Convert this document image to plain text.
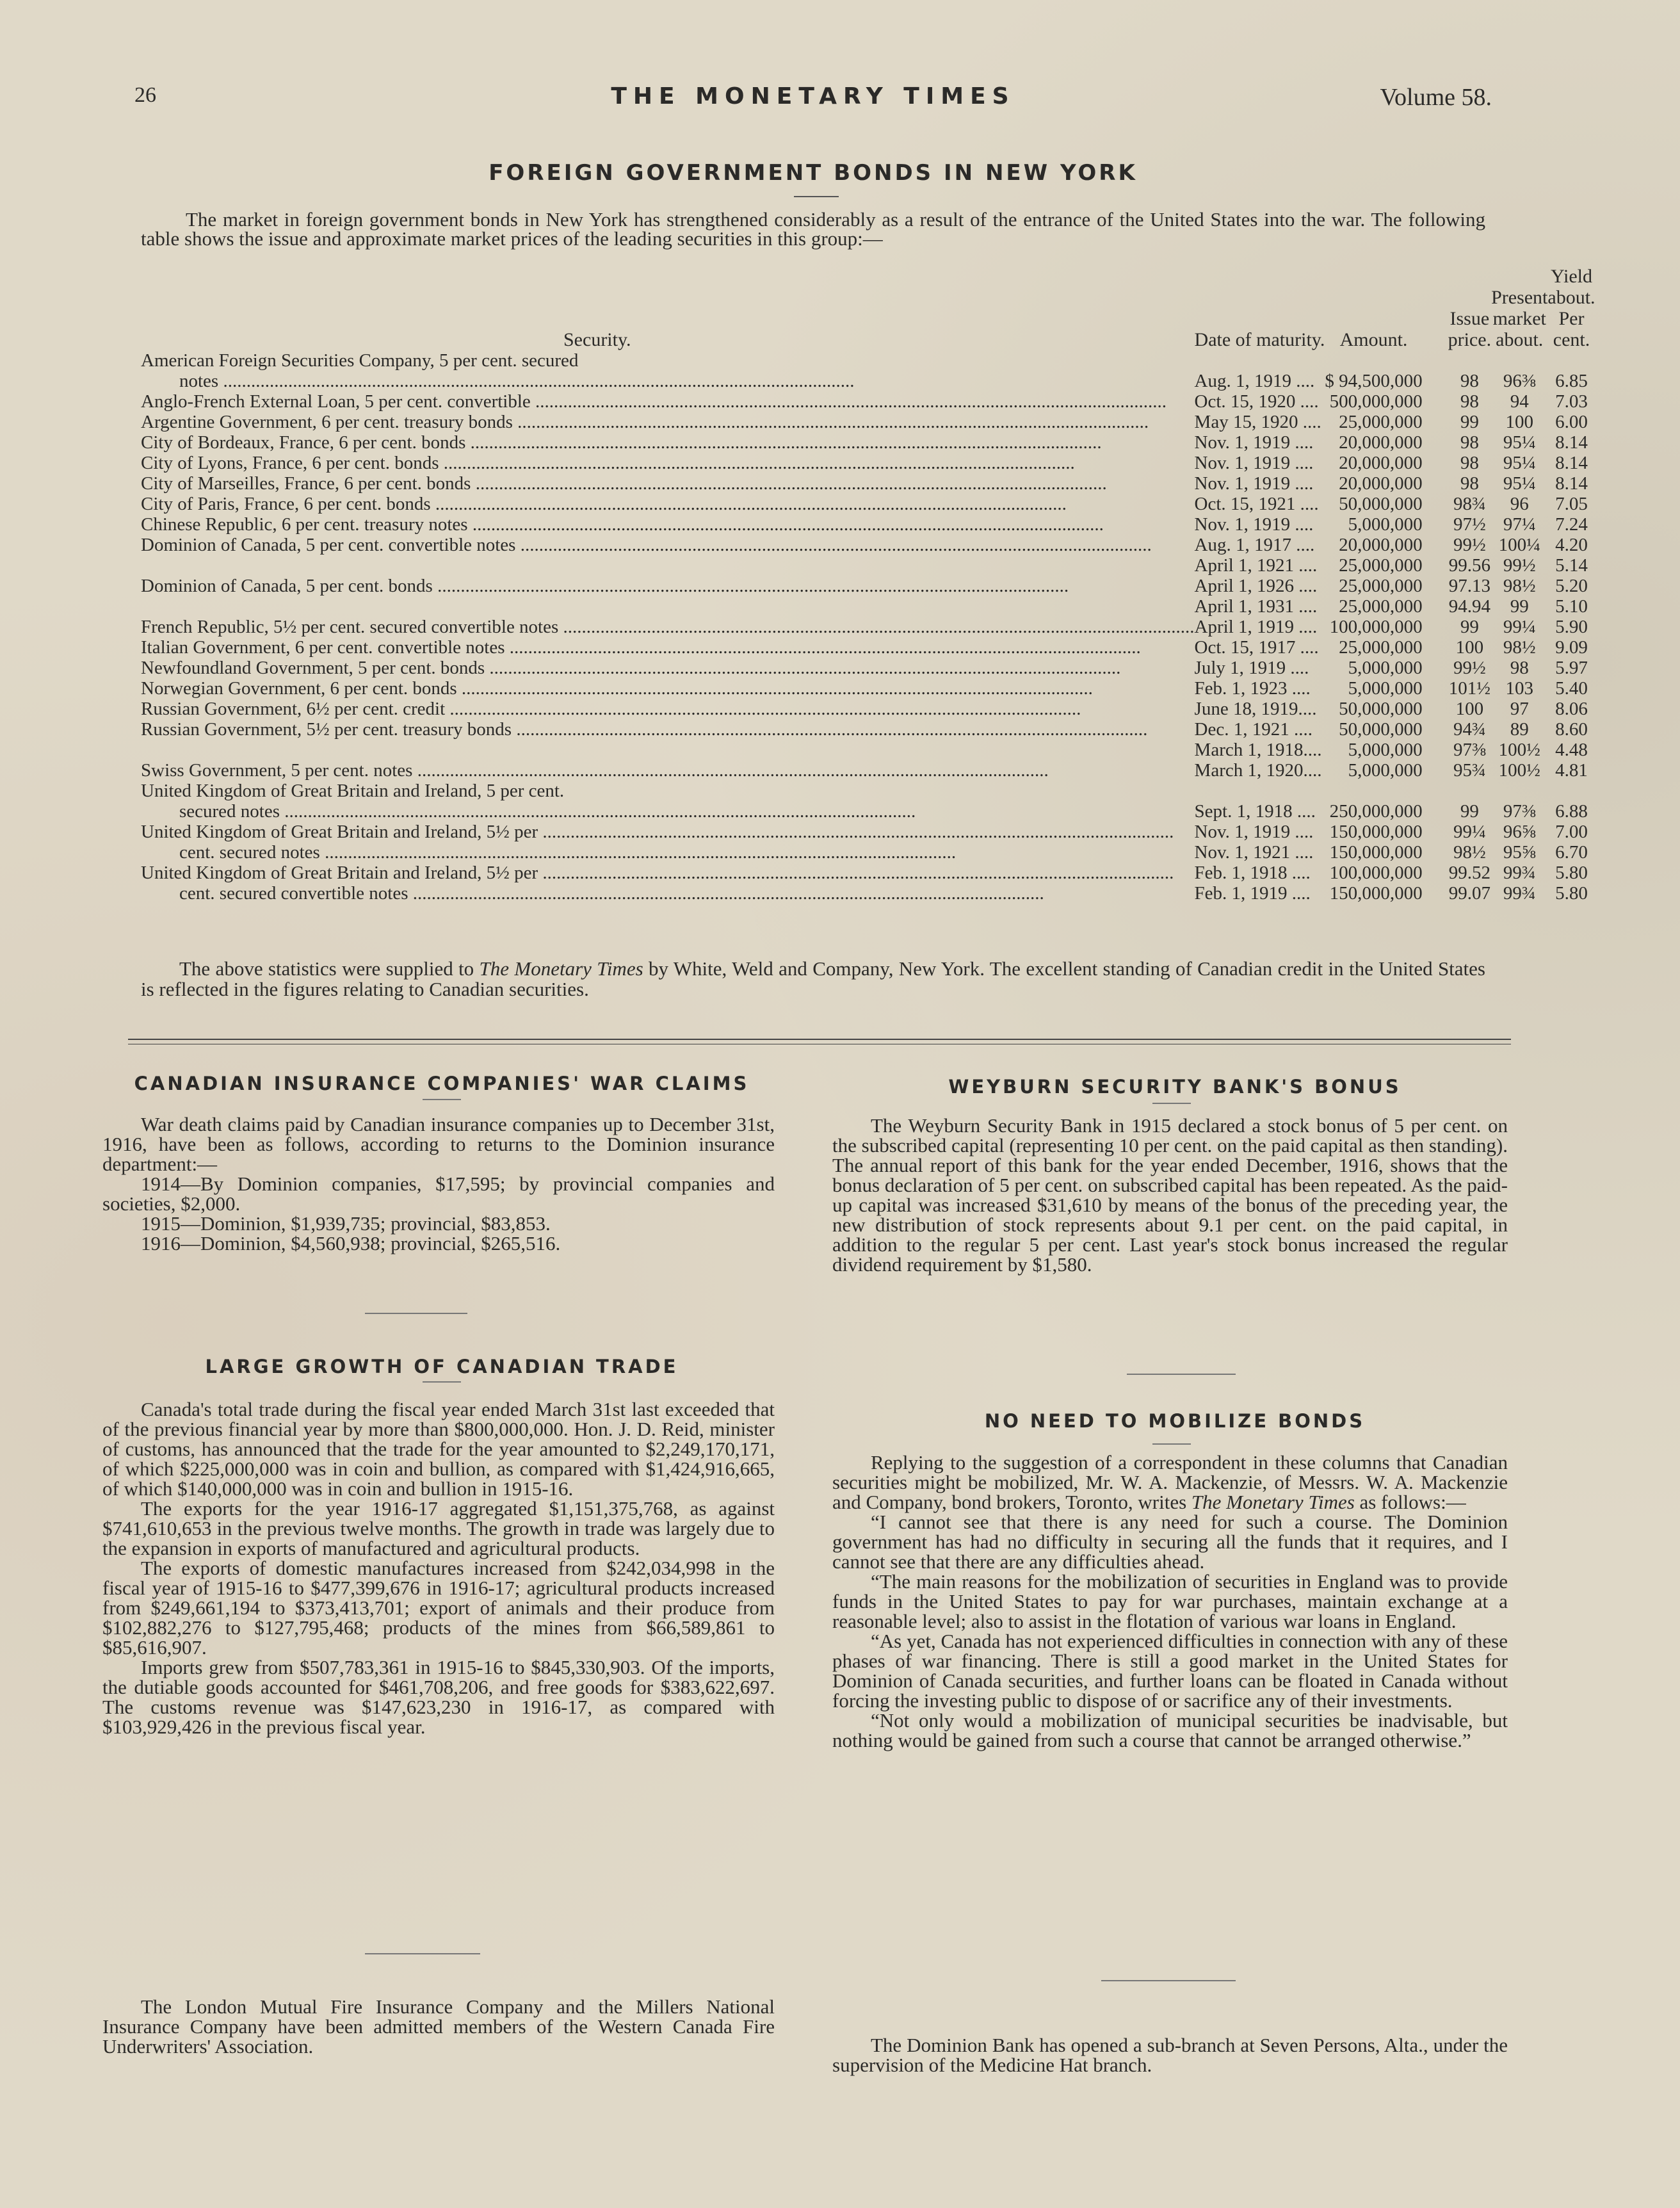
26	THE MONETARY TIMES	Volume 58.
FOREIGN GOVERNMENT BONDS IN NEW YORK

The market in foreign government bonds in New York has strengthened considerably as a result of the entrance of the United States into the war. The following table shows the issue and approximate market prices of the leading securities in this group:—

Security.	Date of maturity.	Amount.	Issue price.	Present market about.	Yield about. Per cent.
American Foreign Securities Company, 5 per cent. secured					
notes .....	Aug. 1, 1919 ....	$ 94,500,000	98	96⅜	6.85
Anglo-French External Loan, 5 per cent. convertible .....	Oct. 15, 1920 ....	500,000,000	98	94	7.03
Argentine Government, 6 per cent. treasury bonds .....	May 15, 1920 ....	25,000,000	99	100	6.00
City of Bordeaux, France, 6 per cent. bonds .....	Nov. 1, 1919 ....	20,000,000	98	95¼	8.14
City of Lyons, France, 6 per cent. bonds .....	Nov. 1, 1919 ....	20,000,000	98	95¼	8.14
City of Marseilles, France, 6 per cent. bonds .....	Nov. 1, 1919 ....	20,000,000	98	95¼	8.14
City of Paris, France, 6 per cent. bonds .....	Oct. 15, 1921 ....	50,000,000	98¾	96	7.05
Chinese Republic, 6 per cent. treasury notes .....	Nov. 1, 1919 ....	5,000,000	97½	97¼	7.24
Dominion of Canada, 5 per cent. convertible notes .....	Aug. 1, 1917 ....	20,000,000	99½	100¼	4.20
	April 1, 1921 ....	25,000,000	99.56	99½	5.14
Dominion of Canada, 5 per cent. bonds .....	April 1, 1926 ....	25,000,000	97.13	98½	5.20
	April 1, 1931 ....	25,000,000	94.94	99	5.10
French Republic, 5½ per cent. secured convertible notes .....	April 1, 1919 ....	100,000,000	99	99¼	5.90
Italian Government, 6 per cent. convertible notes .....	Oct. 15, 1917 ....	25,000,000	100	98½	9.09
Newfoundland Government, 5 per cent. bonds .....	July 1, 1919 ....	5,000,000	99½	98	5.97
Norwegian Government, 6 per cent. bonds .....	Feb. 1, 1923 ....	5,000,000	101½	103	5.40
Russian Government, 6½ per cent. credit .....	June 18, 1919....	50,000,000	100	97	8.06
Russian Government, 5½ per cent. treasury bonds .....	Dec. 1, 1921 ....	50,000,000	94¾	89	8.60
	March 1, 1918....	5,000,000	97⅜	100½	4.48
Swiss Government, 5 per cent. notes .....	March 1, 1920....	5,000,000	95¾	100½	4.81
United Kingdom of Great Britain and Ireland, 5 per cent.					
secured notes .....	Sept. 1, 1918 ....	250,000,000	99	97⅜	6.88
United Kingdom of Great Britain and Ireland, 5½ per .....	Nov. 1, 1919 ....	150,000,000	99¼	96⅝	7.00
cent. secured notes .....	Nov. 1, 1921 ....	150,000,000	98½	95⅝	6.70
United Kingdom of Great Britain and Ireland, 5½ per .....	Feb. 1, 1918 ....	100,000,000	99.52	99¾	5.80
cent. secured convertible notes .....	Feb. 1, 1919 ....	150,000,000	99.07	99¾	5.80

The above statistics were supplied to The Monetary Times by White, Weld and Company, New York. The excellent standing of Canadian credit in the United States is reflected in the figures relating to Canadian securities.

CANADIAN INSURANCE COMPANIES' WAR CLAIMS

War death claims paid by Canadian insurance companies up to December 31st, 1916, have been as follows, according to returns to the Dominion insurance department:—

1914—By Dominion companies, $17,595; by provincial companies and societies, $2,000.

1915—Dominion, $1,939,735; provincial, $83,853.

1916—Dominion, $4,560,938; provincial, $265,516.

LARGE GROWTH OF CANADIAN TRADE

Canada's total trade during the fiscal year ended March 31st last exceeded that of the previous financial year by more than $800,000,000. Hon. J. D. Reid, minister of customs, has announced that the trade for the year amounted to $2,249,170,171, of which $225,000,000 was in coin and bullion, as compared with $1,424,916,665, of which $140,000,000 was in coin and bullion in 1915-16.

The exports for the year 1916-17 aggregated $1,151,375,768, as against $741,610,653 in the previous twelve months. The growth in trade was largely due to the expansion in exports of manufactured and agricultural products.

The exports of domestic manufactures increased from $242,034,998 in the fiscal year of 1915-16 to $477,399,676 in 1916-17; agricultural products increased from $249,661,194 to $373,413,701; export of animals and their produce from $102,882,276 to $127,795,468; products of the mines from $66,589,861 to $85,616,907.

Imports grew from $507,783,361 in 1915-16 to $845,330,903. Of the imports, the dutiable goods accounted for $461,708,206, and free goods for $383,622,697. The customs revenue was $147,623,230 in 1916-17, as compared with $103,929,426 in the previous fiscal year.

The London Mutual Fire Insurance Company and the Millers National Insurance Company have been admitted members of the Western Canada Fire Underwriters' Association.

WEYBURN SECURITY BANK'S BONUS

The Weyburn Security Bank in 1915 declared a stock bonus of 5 per cent. on the subscribed capital (representing 10 per cent. on the paid capital as then standing). The annual report of this bank for the year ended December, 1916, shows that the bonus declaration of 5 per cent. on subscribed capital has been repeated. As the paid-up capital was increased $31,610 by means of the bonus of the preceding year, the new distribution of stock represents about 9.1 per cent. on the paid capital, in addition to the regular 5 per cent. Last year's stock bonus increased the regular dividend requirement by $1,580.

NO NEED TO MOBILIZE BONDS

Replying to the suggestion of a correspondent in these columns that Canadian securities might be mobilized, Mr. W. A. Mackenzie, of Messrs. W. A. Mackenzie and Company, bond brokers, Toronto, writes The Monetary Times as follows:—

“I cannot see that there is any need for such a course. The Dominion government has had no difficulty in securing all the funds that it requires, and I cannot see that there are any difficulties ahead.

“The main reasons for the mobilization of securities in England was to provide funds in the United States to pay for war purchases, maintain exchange at a reasonable level; also to assist in the flotation of various war loans in England.

“As yet, Canada has not experienced difficulties in connection with any of these phases of war financing. There is still a good market in the United States for Dominion of Canada securities, and further loans can be floated in Canada without forcing the investing public to dispose of or sacrifice any of their investments.

“Not only would a mobilization of municipal securities be inadvisable, but nothing would be gained from such a course that cannot be arranged otherwise.”

The Dominion Bank has opened a sub-branch at Seven Persons, Alta., under the supervision of the Medicine Hat branch.
